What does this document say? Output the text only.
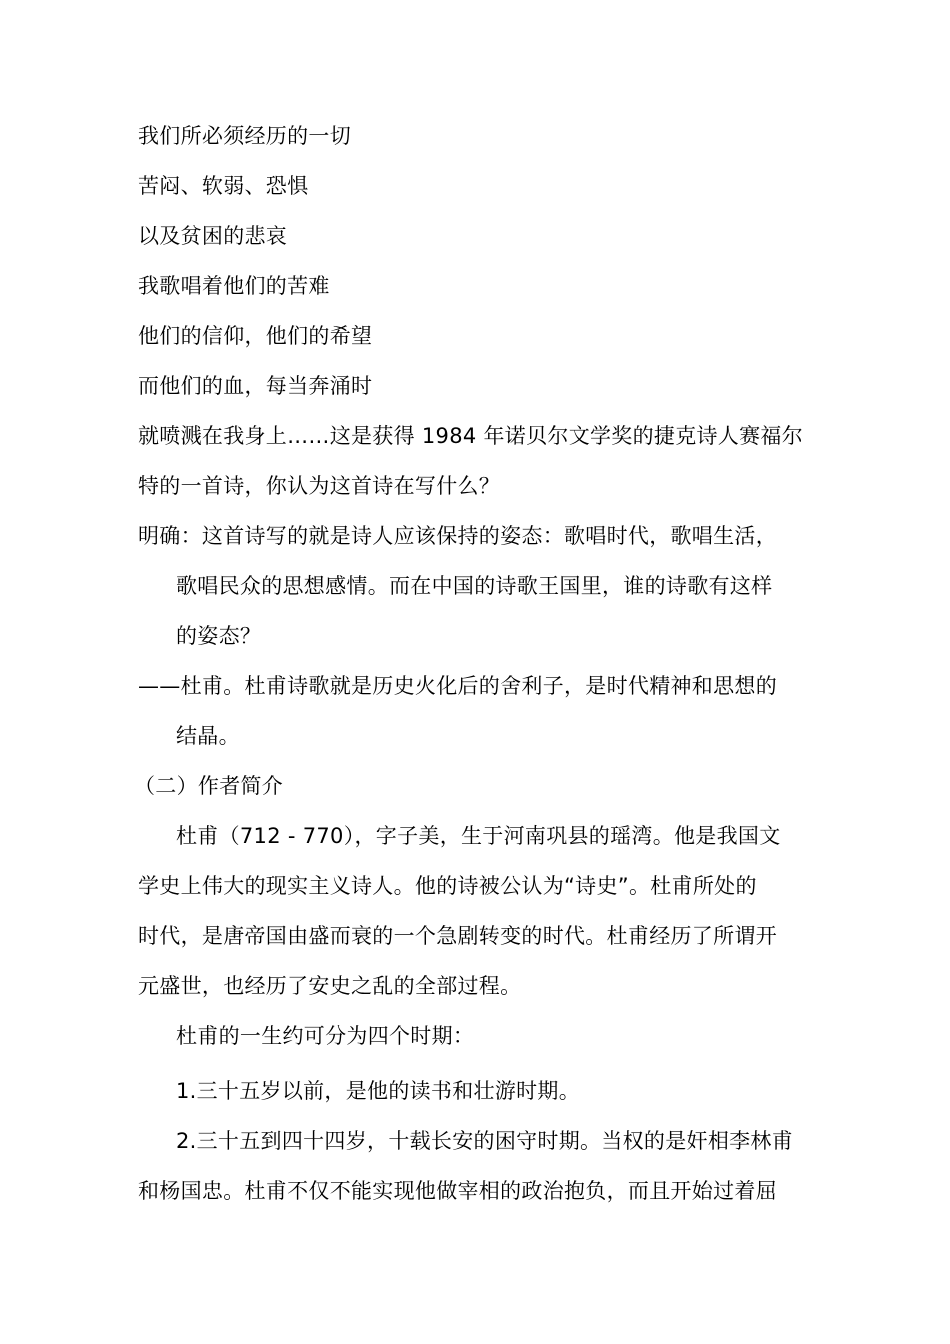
我们所必须经历的一切
苦闷、软弱、恐惧
以及贫困的悲哀
我歌唱着他们的苦难
他们的信仰，他们的希望
而他们的血，每当奔涌时
就喷溅在我身上……这是获得 1984 年诺贝尔文学奖的捷克诗人赛福尔
特的一首诗，你认为这首诗在写什么？
明确：这首诗写的就是诗人应该保持的姿态：歌唱时代，歌唱生活，
歌唱民众的思想感情。而在中国的诗歌王国里，谁的诗歌有这样
的姿态？
——杜甫。杜甫诗歌就是历史火化后的舍利子，是时代精神和思想的
结晶。
（二）作者简介
杜甫（712 - 770），字子美，生于河南巩县的瑶湾。他是我国文
学史上伟大的现实主义诗人。他的诗被公认为“诗史”。杜甫所处的
时代，是唐帝国由盛而衰的一个急剧转变的时代。杜甫经历了所谓开
元盛世，也经历了安史之乱的全部过程。
杜甫的一生约可分为四个时期：
1.三十五岁以前，是他的读书和壮游时期。
2.三十五到四十四岁，十载长安的困守时期。当权的是奸相李林甫
和杨国忠。杜甫不仅不能实现他做宰相的政治抱负，而且开始过着屈
